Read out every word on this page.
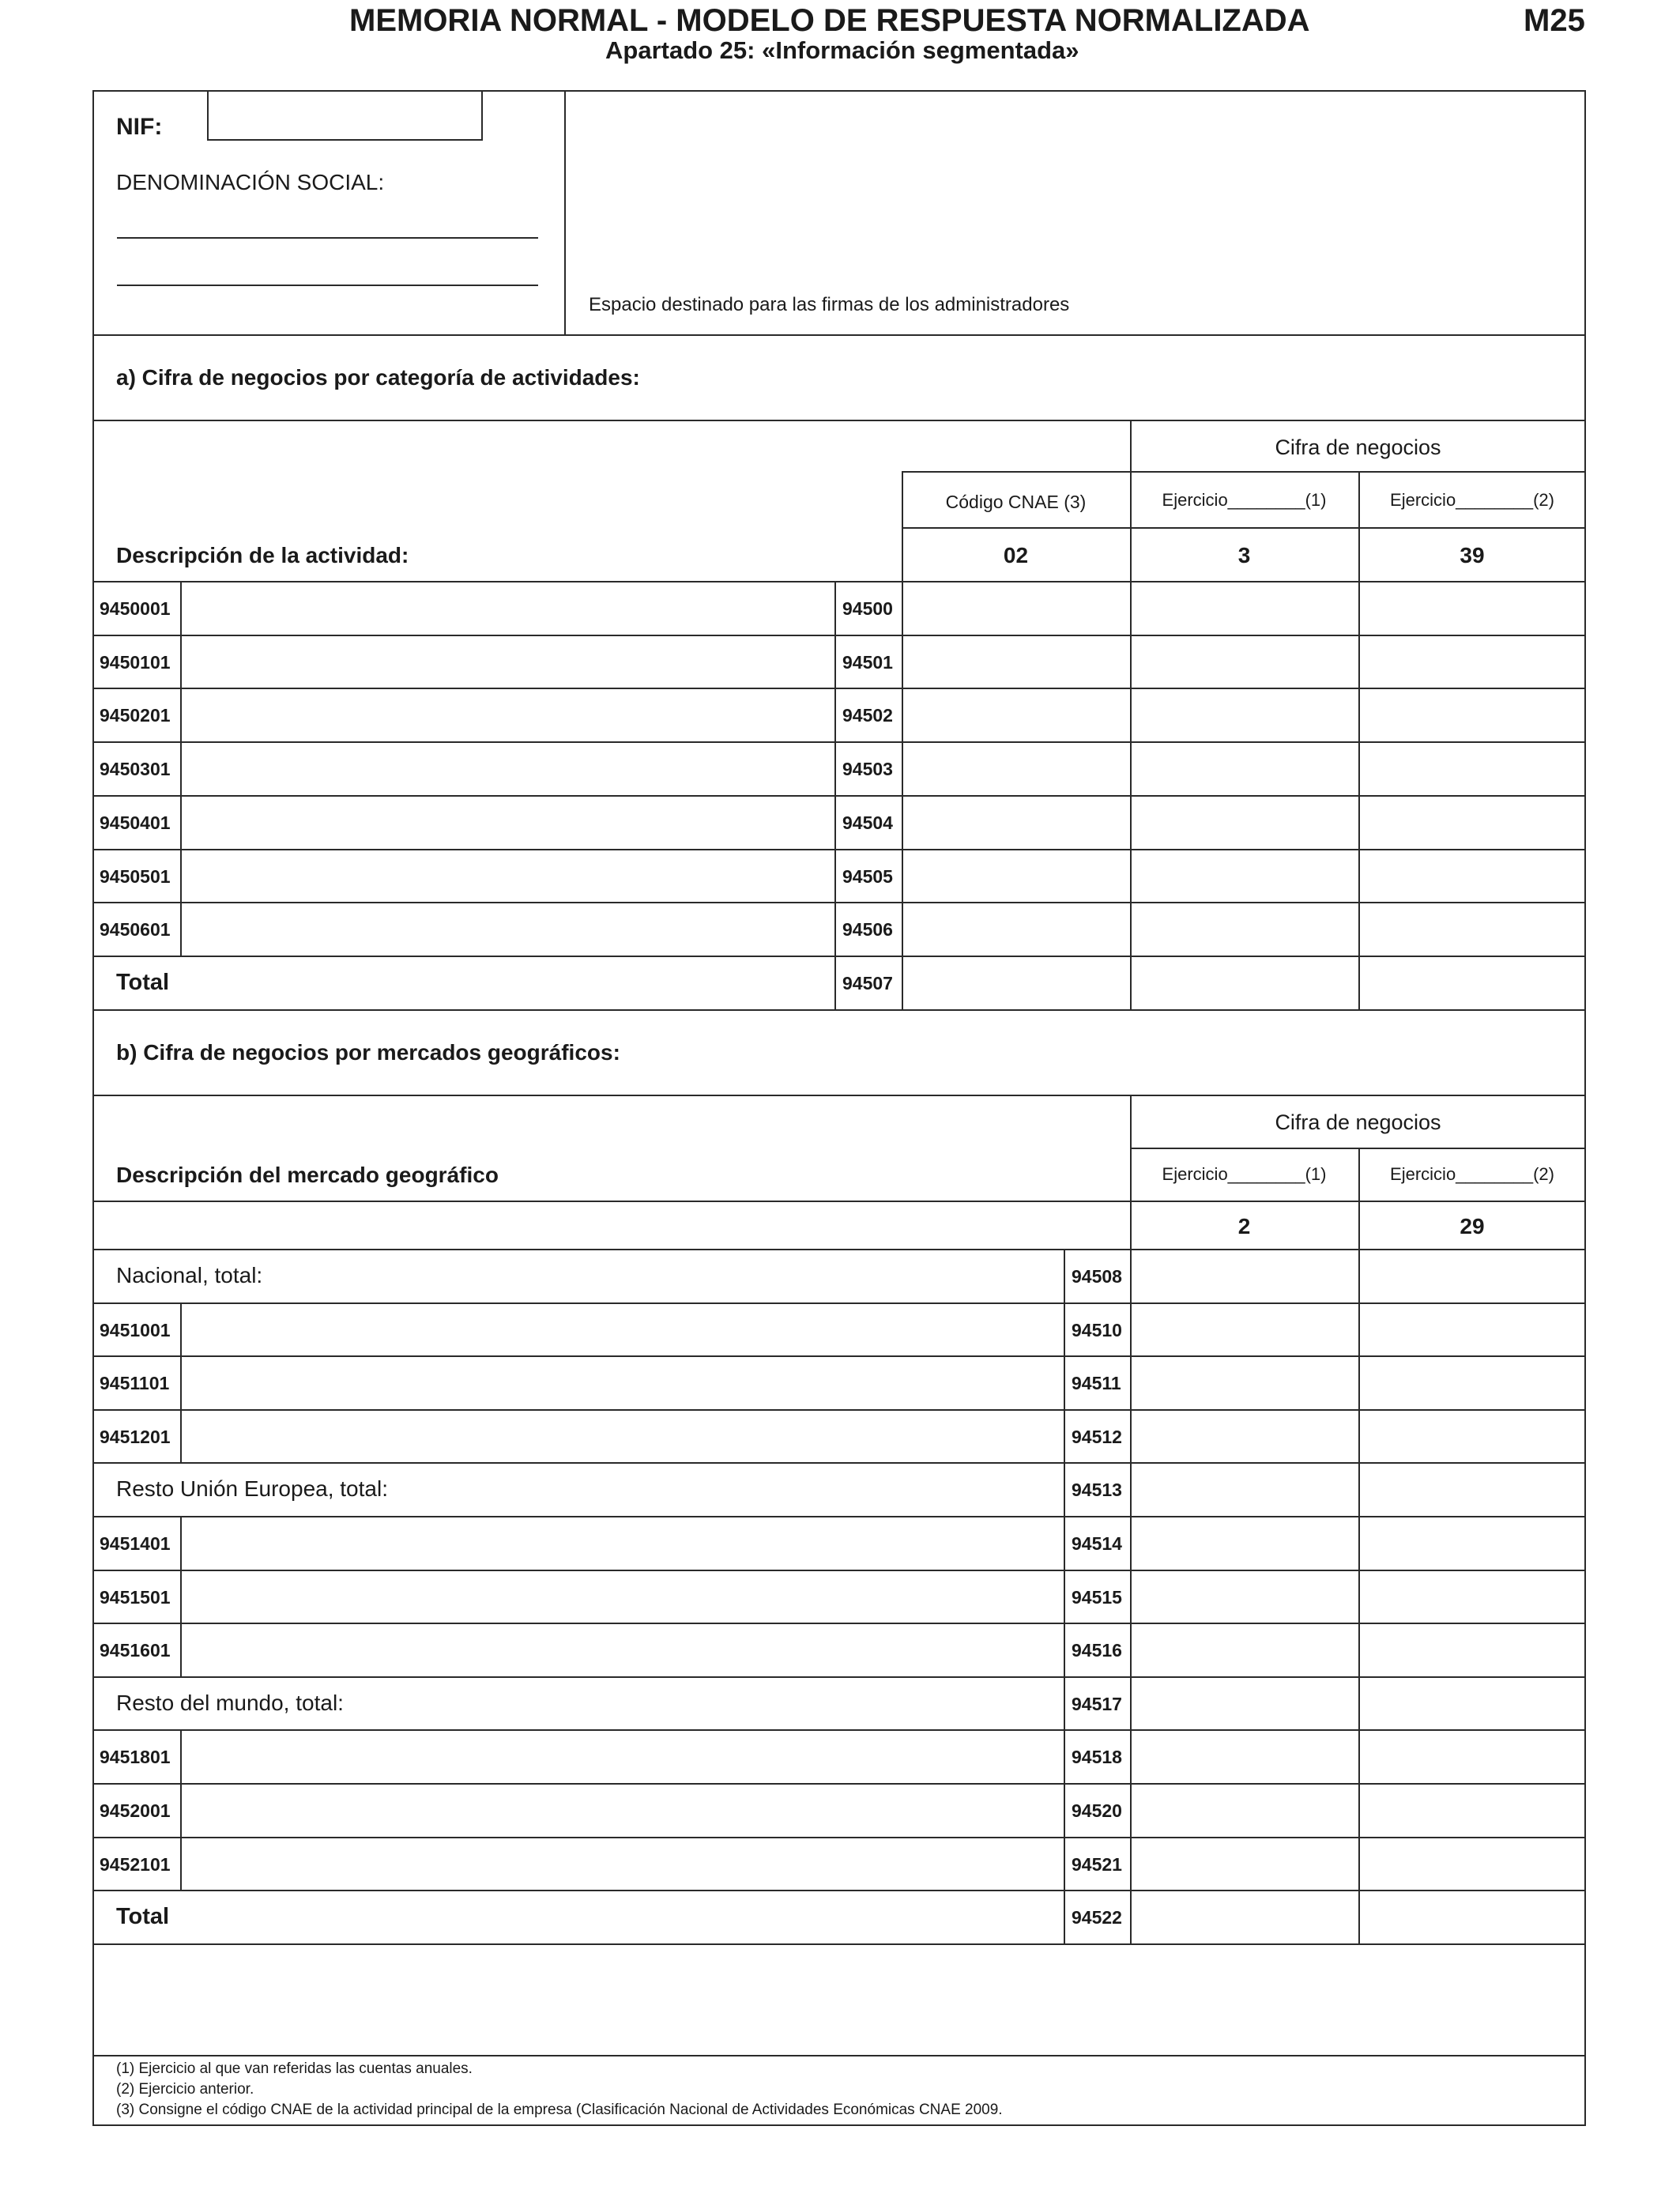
MEMORIA NORMAL - MODELO DE RESPUESTA NORMALIZADA
Apartado 25: «Información segmentada»
M25
NIF:
DENOMINACIÓN SOCIAL:
Espacio destinado para las firmas de los administradores
a) Cifra de negocios por categoría de actividades:
Cifra de negocios
Código CNAE (3)	Ejercicio________(1)	Ejercicio________(2)
Descripción de la actividad:	02	3	39
9450001	94500
9450101	94501
9450201	94502
9450301	94503
9450401	94504
9450501	94505
9450601	94506
Total	94507
b) Cifra de negocios por mercados geográficos:
Cifra de negocios
Descripción del mercado geográfico	Ejercicio________(1)	Ejercicio________(2)
2	29
Nacional, total:	94508
9451001	94510
9451101	94511
9451201	94512
Resto Unión Europea, total:	94513
9451401	94514
9451501	94515
9451601	94516
Resto del mundo, total:	94517
9451801	94518
9452001	94520
9452101	94521
Total	94522
(1) Ejercicio al que van referidas las cuentas anuales.
(2) Ejercicio anterior.
(3) Consigne el código CNAE de la actividad principal de la empresa (Clasificación Nacional de Actividades Económicas CNAE 2009.
